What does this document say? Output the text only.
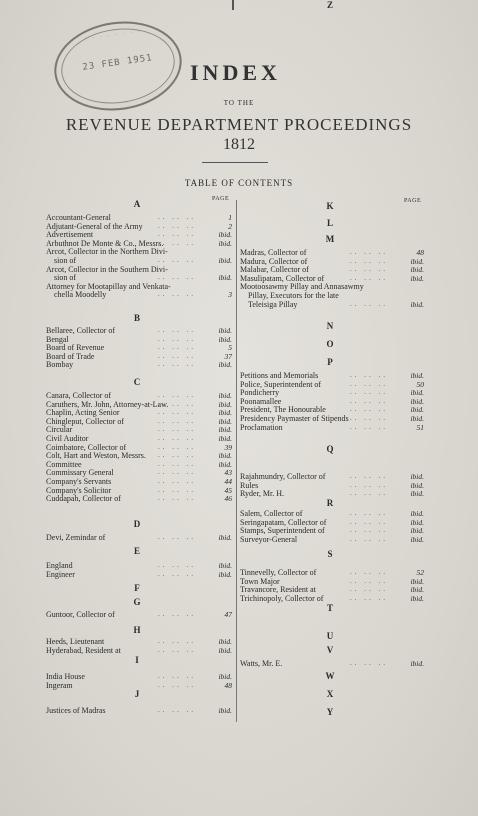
· · · · · · · ·
23 FEB 1951	INDEX
TO THE
REVENUE DEPARTMENT PROCEEDINGS
1812
TABLE OF CONTENTS
PAGE	PAGE
A
Accountant-General	.. .. ..	1
Adjutant-General of the Army .. .. ..	2
Advertisement	.. .. ..	ibid.
Arbuthnot De Monte & Co., Messrs.
.. .. ..	ibid.
Arcot, Collector in the Northern Divi-
sion of	.. .. ..	ibid.
Arcot, Collector in the Southern Divi-
sion of	.. .. ..	ibid.
Attorney for Mootapillay and Venkata-
chella Moodelly	.. .. ..	3
B
Bellaree, Collector of	.. .. ..	ibid.
Bengal	.. .. ..	ibid.
Board of Revenue	.. .. ..	5
Board of Trade	.. .. ..	37
Bombay	.. .. ..	ibid.
C
Canara, Collector of	.. .. ..	ibid.
Caruthers, Mr. John, Attorney-at-Law.
.. .. ..	ibid.
Chaplin, Acting Senior	.. .. ..	ibid.
Chingleput, Collector of	.. .. ..	ibid.
Circular	.. .. ..	ibid.
Civil Auditor	.. .. ..	ibid.
Coimbatore, Collector of	.. .. ..	39
Colt, Hart and Weston, Messrs. .. .. ..	ibid.
Committee	.. .. ..	ibid.
Commissary General	.. .. ..	43
Company's Servants	.. .. ..	44
Company's Solicitor	.. .. ..	45
Cuddapah, Collector of	.. .. ..	46
D
Devi, Zemindar of	.. .. ..	ibid.
E
England	.. .. ..	ibid.
Engineer	.. .. ..	ibid.
F
G
Guntoor, Collector of	.. .. ..	47
H
Heeds, Lieutenant	.. .. ..	ibid.
Hyderabad, Resident at	.. .. ..	ibid.
I
India House	.. .. ..	ibid.
Ingeram	.. .. ..	48
J
Justices of Madras	.. .. ..	ibid.
K
L
M
Madras, Collector of	.. .. ..	48
Madura, Collector of	.. .. ..	ibid.
Malabar, Collector of	.. .. ..	ibid.
Masulipatam, Collector of	.. .. ..	ibid.
Mootoosawmy Pillay and Annasawmy
Pillay, Executors for the late
Teleisiga Pillay	.. .. ..	ibid.
N
O
P
Petitions and Memorials	.. .. ..	ibid.
Police, Superintendent of	.. .. ..	50
Pondicherry	.. .. ..	ibid.
Poonamallee	.. .. ..	ibid.
President, The Honourable	.. .. ..	ibid.
Presidency Paymaster of Stipends .. .. ..	ibid.
Proclamation	.. .. ..	51
Q
R
Rajahmundry, Collector of	.. .. ..	ibid.
Rules	.. .. ..	ibid.
Ryder, Mr. H.	.. .. ..	ibid.
S
Salem, Collector of	.. .. ..	ibid.
Seringapatam, Collector of	.. .. ..	ibid.
Stamps, Superintendent of	.. .. ..	ibid.
Surveyor-General	.. .. ..	ibid.
T
Tinnevelly, Collector of	.. .. ..	52
Town Major	.. .. ..	ibid.
Travancore, Resident at	.. .. ..	ibid.
Trichinopoly, Collector of	.. .. ..	ibid.
U
V
W
Watts, Mr. E.	.. .. ..	ibid.
X
Y
Z
